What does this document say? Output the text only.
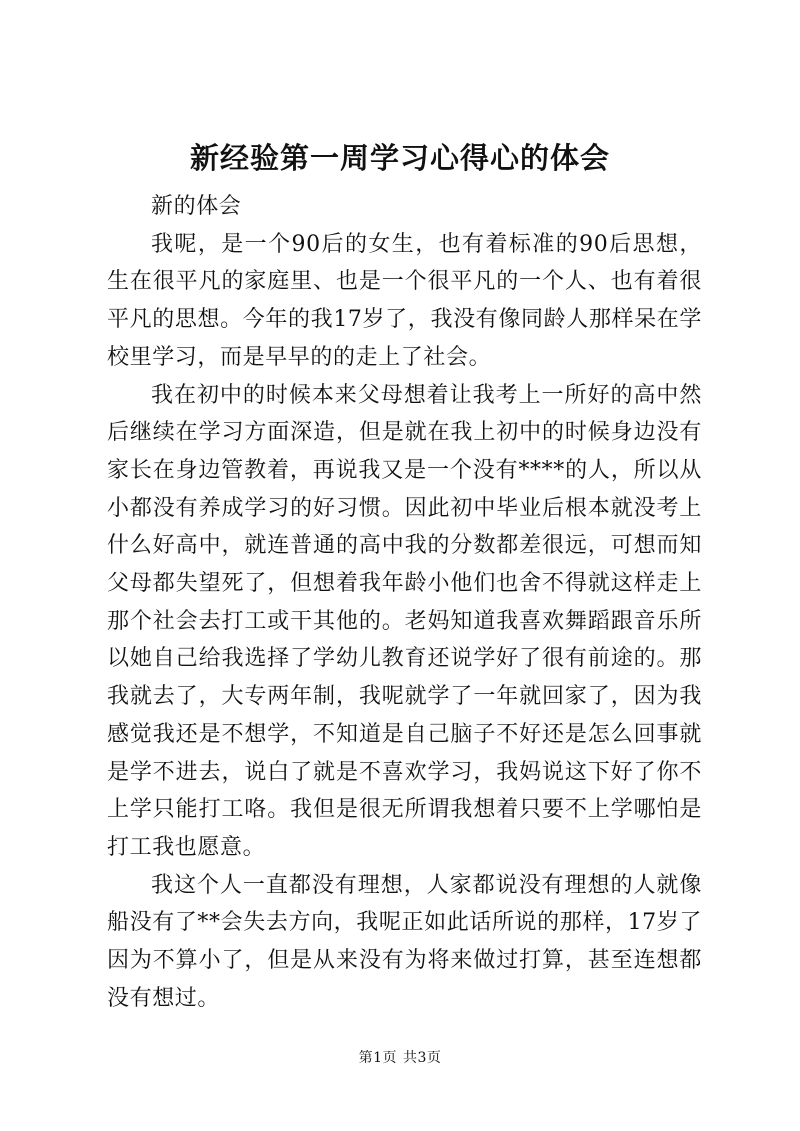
新经验第一周学习心得心的体会

新的体会

我呢，是一个90后的女生，也有着标准的90后思想，生在很平凡的家庭里、也是一个很平凡的一个人、也有着很平凡的思想。今年的我17岁了，我没有像同龄人那样呆在学校里学习，而是早早的的走上了社会。

我在初中的时候本来父母想着让我考上一所好的高中然后继续在学习方面深造，但是就在我上初中的时候身边没有家长在身边管教着，再说我又是一个没有****的人，所以从小都没有养成学习的好习惯。因此初中毕业后根本就没考上什么好高中，就连普通的高中我的分数都差很远，可想而知父母都失望死了，但想着我年龄小他们也舍不得就这样走上那个社会去打工或干其他的。老妈知道我喜欢舞蹈跟音乐所以她自己给我选择了学幼儿教育还说学好了很有前途的。那我就去了，大专两年制，我呢就学了一年就回家了，因为我感觉我还是不想学，不知道是自己脑子不好还是怎么回事就是学不进去，说白了就是不喜欢学习，我妈说这下好了你不上学只能打工咯。我但是很无所谓我想着只要不上学哪怕是打工我也愿意。

我这个人一直都没有理想，人家都说没有理想的人就像船没有了**会失去方向，我呢正如此话所说的那样，17岁了因为不算小了，但是从来没有为将来做过打算，甚至连想都没有想过。

第1页 共3页
